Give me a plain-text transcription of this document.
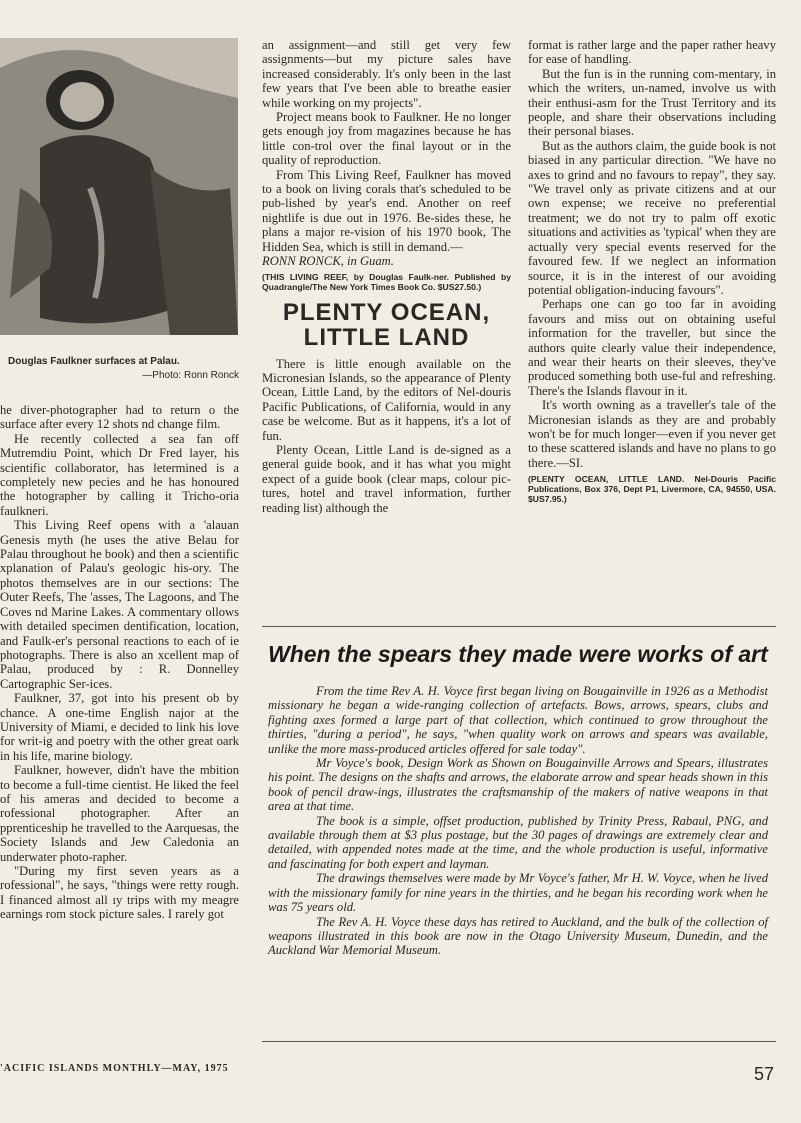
Douglas Faulkner surfaces at Palau.
—Photo: Ronn Ronck

he diver-photographer had to return o the surface after every 12 shots nd change film.

He recently collected a sea fan off Mutremdiu Point, which Dr Fred layer, his scientific collaborator, has letermined is a completely new pecies and he has honoured the hotographer by calling it Tricho-oria faulkneri.

This Living Reef opens with a 'alauan Genesis myth (he uses the ative Belau for Palau throughout he book) and then a scientific xplanation of Palau's geologic his-ory. The photos themselves are in our sections: The Outer Reefs, The 'asses, The Lagoons, and The Coves nd Marine Lakes. A commentary ollows with detailed specimen dentification, location, and Faulk-er's personal reactions to each of ie photographs. There is also an xcellent map of Palau, produced by : R. Donnelley Cartographic Ser-ices.

Faulkner, 37, got into his present ob by chance. A one-time English najor at the University of Miami, e decided to link his love for writ-ig and poetry with the other great oark in his life, marine biology.

Faulkner, however, didn't have the mbition to become a full-time cientist. He liked the feel of his ameras and decided to become a rofessional photographer. After an pprenticeship he travelled to the Aarquesas, the Society Islands and Jew Caledonia an underwater photo-rapher.

"During my first seven years as a rofessional", he says, "things were retty rough. I financed almost all ıy trips with my meagre earnings rom stock picture sales. I rarely got

an assignment—and still get very few assignments—but my picture sales have increased considerably. It's only been in the last few years that I've been able to breathe easier while working on my projects".

Project means book to Faulkner. He no longer gets enough joy from magazines because he has little con-trol over the final layout or in the quality of reproduction.

From This Living Reef, Faulkner has moved to a book on living corals that's scheduled to be pub-lished by year's end. Another on reef nightlife is due out in 1976. Be-sides these, he plans a major re-vision of his 1970 book, The Hidden Sea, which is still in demand.—

RONN RONCK, in Guam.

(THIS LIVING REEF, by Douglas Faulk-ner. Published by Quadrangle/The New York Times Book Co. $US27.50.)
PLENTY OCEAN,
LITTLE LAND

There is little enough available on the Micronesian Islands, so the appearance of Plenty Ocean, Little Land, by the editors of Nel-douris Pacific Publications, of California, would in any case be welcome. But as it happens, it's a lot of fun.

Plenty Ocean, Little Land is de-signed as a general guide book, and it has what you might expect of a guide book (clear maps, colour pic-tures, hotel and travel information, further reading list) although the

format is rather large and the paper rather heavy for ease of handling.

But the fun is in the running com-mentary, in which the writers, un-named, involve us with their enthusi-asm for the Trust Territory and its people, and share their observations including their personal biases.

But as the authors claim, the guide book is not biased in any particular direction. "We have no axes to grind and no favours to repay", they say. "We travel only as private citizens and at our own expense; we receive no preferential treatment; we do not try to palm off exotic situations and activities as 'typical' when they are actually very special events reserved for the favoured few. If we neglect an information source, it is in the interest of our avoiding potential obligation-inducing favours".

Perhaps one can go too far in avoiding favours and miss out on obtaining useful information for the traveller, but since the authors quite clearly value their independence, and wear their hearts on their sleeves, they've produced something both use-ful and refreshing. There's the Islands flavour in it.

It's worth owning as a traveller's tale of the Micronesian islands as they are and probably won't be for much longer—even if you never get to these scattered islands and have no plans to go there.—SI.

(PLENTY OCEAN, LITTLE LAND. Nel-Douris Pacific Publications, Box 376, Dept P1, Livermore, CA, 94550, USA. $US7.95.)
When the spears they made were works of art

From the time Rev A. H. Voyce first began living on Bougainville in 1926 as a Methodist missionary he began a wide-ranging collection of artefacts. Bows, arrows, spears, clubs and fighting axes formed a large part of that collection, which continued to grow throughout the thirties, "during a period", he says, "when quality work on arrows and spears was available, unlike the more mass-produced articles offered for sale today".

Mr Voyce's book, Design Work as Shown on Bougainville Arrows and Spears, illustrates his point. The designs on the shafts and arrows, the elaborate arrow and spear heads shown in this book of pencil draw-ings, illustrates the craftsmanship of the makers of native weapons in that area at that time.

The book is a simple, offset production, published by Trinity Press, Rabaul, PNG, and available through them at $3 plus postage, but the 30 pages of drawings are extremely clear and detailed, with appended notes made at the time, and the whole production is useful, informative and fascinating for both expert and layman.

The drawings themselves were made by Mr Voyce's father, Mr H. W. Voyce, when he lived with the missionary family for nine years in the thirties, and he began his recording work when he was 75 years old.

The Rev A. H. Voyce these days has retired to Auckland, and the bulk of the collection of weapons illustrated in this book are now in the Otago University Museum, Dunedin, and the Auckland War Memorial Museum.

'ACIFIC ISLANDS MONTHLY—MAY, 1975	57
